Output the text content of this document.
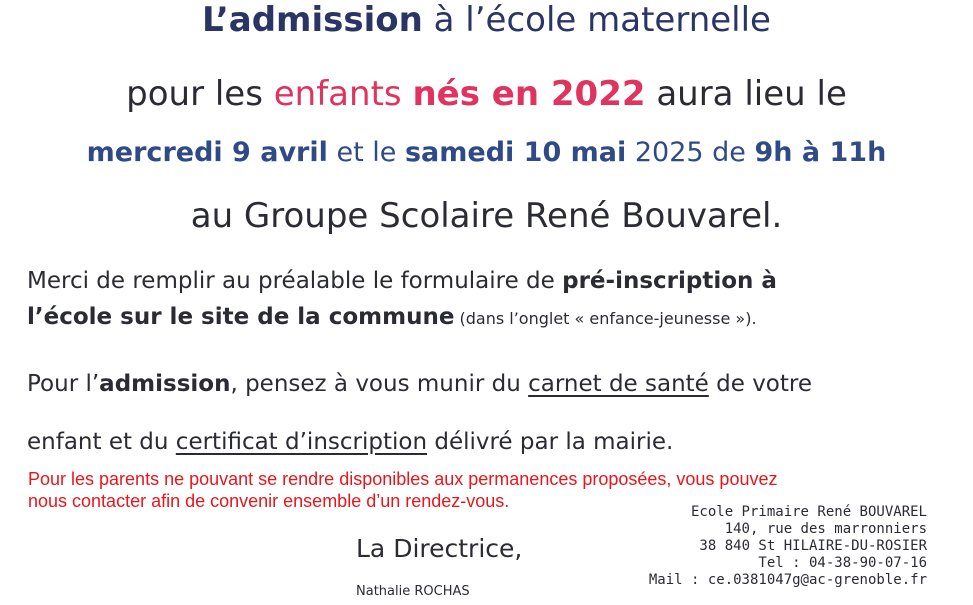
L’admission à l’école maternelle
pour les enfants nés en 2022 aura lieu le
mercredi 9 avril et le samedi 10 mai 2025 de 9h à 11h
au Groupe Scolaire René Bouvarel.
Merci de remplir au préalable le formulaire de pré-inscription à
l’école sur le site de la commune (dans l’onglet « enfance-jeunesse »).
Pour l’admission, pensez à vous munir du carnet de santé de votre
enfant et du certificat d’inscription délivré par la mairie.
Pour les parents ne pouvant se rendre disponibles aux permanences proposées, vous pouvez
nous contacter afin de convenir ensemble d’un rendez-vous.
La Directrice,
Nathalie ROCHAS
Ecole Primaire René BOUVAREL
140, rue des marronniers
38 840 St HILAIRE-DU-ROSIER
Tel : 04-38-90-07-16
Mail : ce.0381047g@ac-grenoble.fr
